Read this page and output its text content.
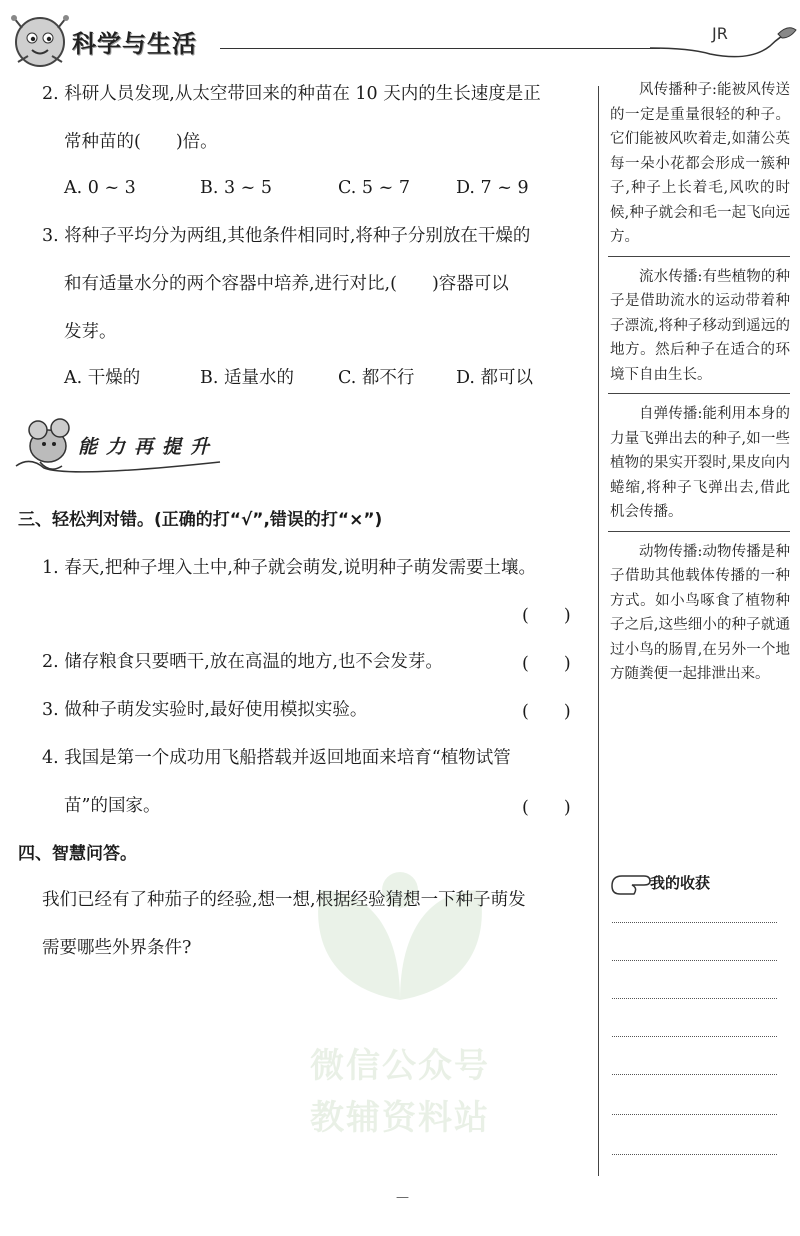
科学与生活	JR
微信公众号
教辅资料站
2. 科研人员发现,从太空带回来的种苗在 10 天内的生长速度是正
常种苗的(　　)倍。
A. 0 ~ 3	B. 3 ~ 5	C. 5 ~ 7	D. 7 ~ 9
3. 将种子平均分为两组,其他条件相同时,将种子分别放在干燥的
和有适量水分的两个容器中培养,进行对比,(　　)容器可以
发芽。
A. 干燥的	B. 适量水的	C. 都不行 D. 都可以
能力再提升
三、轻松判对错。(正确的打“√”,错误的打“×”)
1. 春天,把种子埋入土中,种子就会萌发,说明种子萌发需要土壤。
(　　)
2. 储存粮食只要晒干,放在高温的地方,也不会发芽。	(　　)
3. 做种子萌发实验时,最好使用模拟实验。	(　　)
4. 我国是第一个成功用飞船搭载并返回地面来培育“植物试管
苗”的国家。	(　　)
四、智慧问答。
我们已经有了种茄子的经验,想一想,根据经验猜想一下种子萌发
需要哪些外界条件?

风传播种子:能被风传送的一定是重量很轻的种子。它们能被风吹着走,如蒲公英每一朵小花都会形成一簇种子,种子上长着毛,风吹的时候,种子就会和毛一起飞向远方。

流水传播:有些植物的种子是借助流水的运动带着种子漂流,将种子移动到遥远的地方。然后种子在适合的环境下自由生长。

自弹传播:能利用本身的力量飞弹出去的种子,如一些植物的果实开裂时,果皮向内蜷缩,将种子飞弹出去,借此机会传播。

动物传播:动物传播是种子借助其他载体传播的一种方式。如小鸟啄食了植物种子之后,这些细小的种子就通过小鸟的肠胃,在另外一个地方随粪便一起排泄出来。

我的收获
—
